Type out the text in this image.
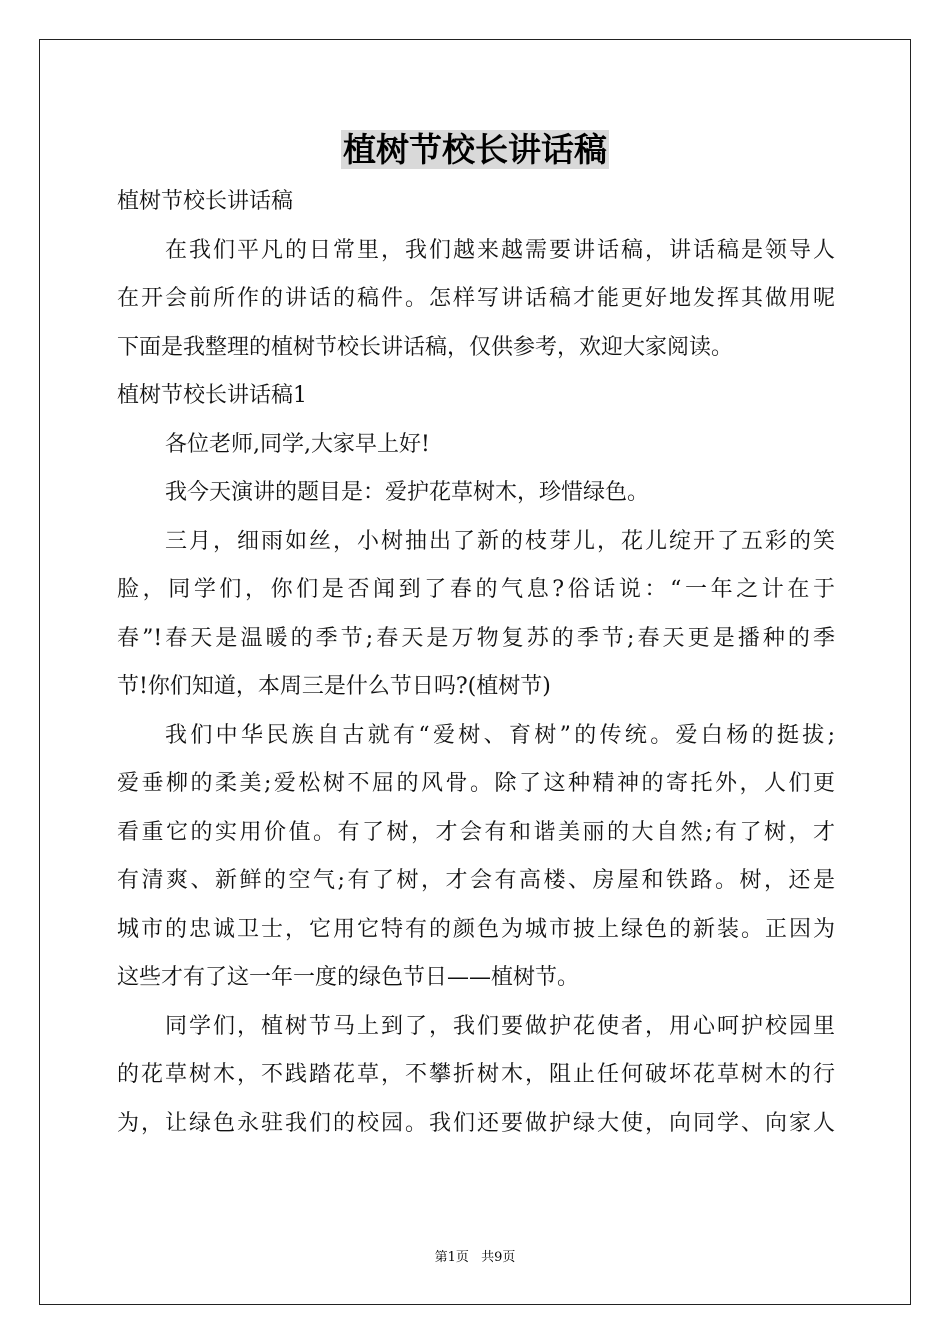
植树节校长讲话稿
植树节校长讲话稿
在我们平凡的日常里，我们越来越需要讲话稿，讲话稿是领导人
在开会前所作的讲话的稿件。怎样写讲话稿才能更好地发挥其做用呢
下面是我整理的植树节校长讲话稿，仅供参考，欢迎大家阅读。
植树节校长讲话稿1
各位老师,同学,大家早上好!
我今天演讲的题目是：爱护花草树木，珍惜绿色。
三月，细雨如丝，小树抽出了新的枝芽儿，花儿绽开了五彩的笑
脸，同学们，你们是否闻到了春的气息?俗话说：“一年之计在于
春”!春天是温暖的季节;春天是万物复苏的季节;春天更是播种的季
节!你们知道，本周三是什么节日吗?(植树节)
我们中华民族自古就有“爱树、育树”的传统。爱白杨的挺拔;
爱垂柳的柔美;爱松树不屈的风骨。除了这种精神的寄托外，人们更
看重它的实用价值。有了树，才会有和谐美丽的大自然;有了树，才
有清爽、新鲜的空气;有了树，才会有高楼、房屋和铁路。树，还是
城市的忠诚卫士，它用它特有的颜色为城市披上绿色的新装。正因为
这些才有了这一年一度的绿色节日——植树节。
同学们，植树节马上到了，我们要做护花使者，用心呵护校园里
的花草树木，不践踏花草，不攀折树木，阻止任何破坏花草树木的行
为，让绿色永驻我们的校园。我们还要做护绿大使，向同学、向家人
第1页 共9页
